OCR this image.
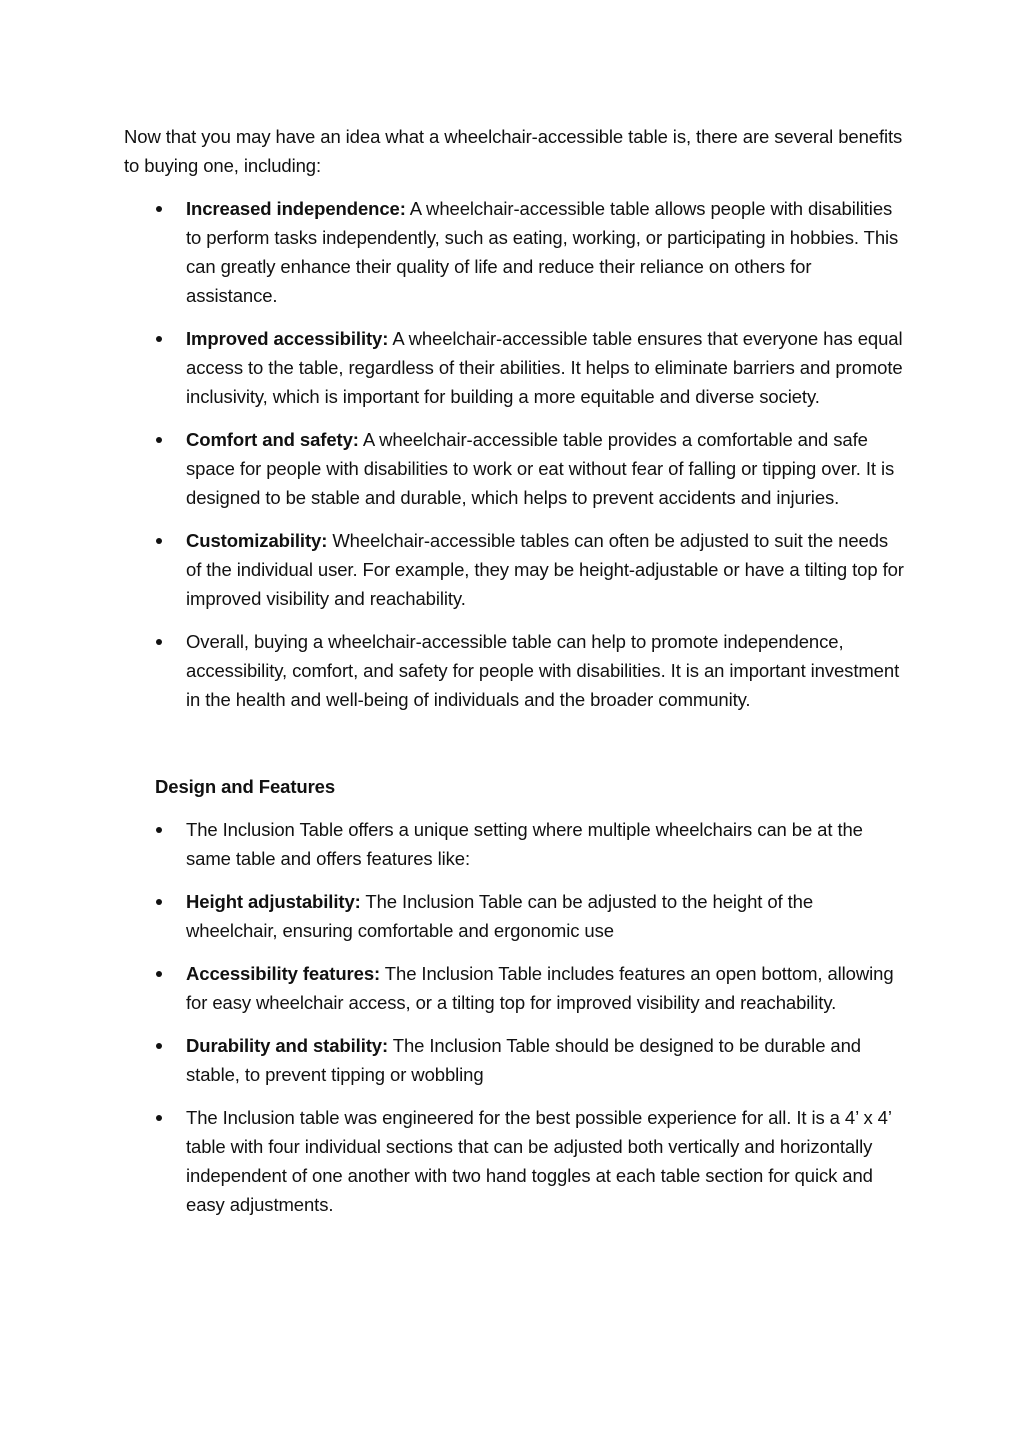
Now that you may have an idea what a wheelchair-accessible table is, there are several benefits to buying one, including:

Increased independence: A wheelchair-accessible table allows people with disabilities to perform tasks independently, such as eating, working, or participating in hobbies. This can greatly enhance their quality of life and reduce their reliance on others for assistance.
Improved accessibility: A wheelchair-accessible table ensures that everyone has equal access to the table, regardless of their abilities. It helps to eliminate barriers and promote inclusivity, which is important for building a more equitable and diverse society.
Comfort and safety: A wheelchair-accessible table provides a comfortable and safe space for people with disabilities to work or eat without fear of falling or tipping over. It is designed to be stable and durable, which helps to prevent accidents and injuries.
Customizability: Wheelchair-accessible tables can often be adjusted to suit the needs of the individual user. For example, they may be height-adjustable or have a tilting top for improved visibility and reachability.
Overall, buying a wheelchair-accessible table can help to promote independence, accessibility, comfort, and safety for people with disabilities. It is an important investment in the health and well-being of individuals and the broader community.
Design and Features
The Inclusion Table offers a unique setting where multiple wheelchairs can be at the same table and offers features like:
Height adjustability: The Inclusion Table can be adjusted to the height of the wheelchair, ensuring comfortable and ergonomic use
Accessibility features: The Inclusion Table includes features an open bottom, allowing for easy wheelchair access, or a tilting top for improved visibility and reachability.
Durability and stability: The Inclusion Table should be designed to be durable and stable, to prevent tipping or wobbling
The Inclusion table was engineered for the best possible experience for all. It is a 4’ x 4’ table with four individual sections that can be adjusted both vertically and horizontally independent of one another with two hand toggles at each table section for quick and easy adjustments.
